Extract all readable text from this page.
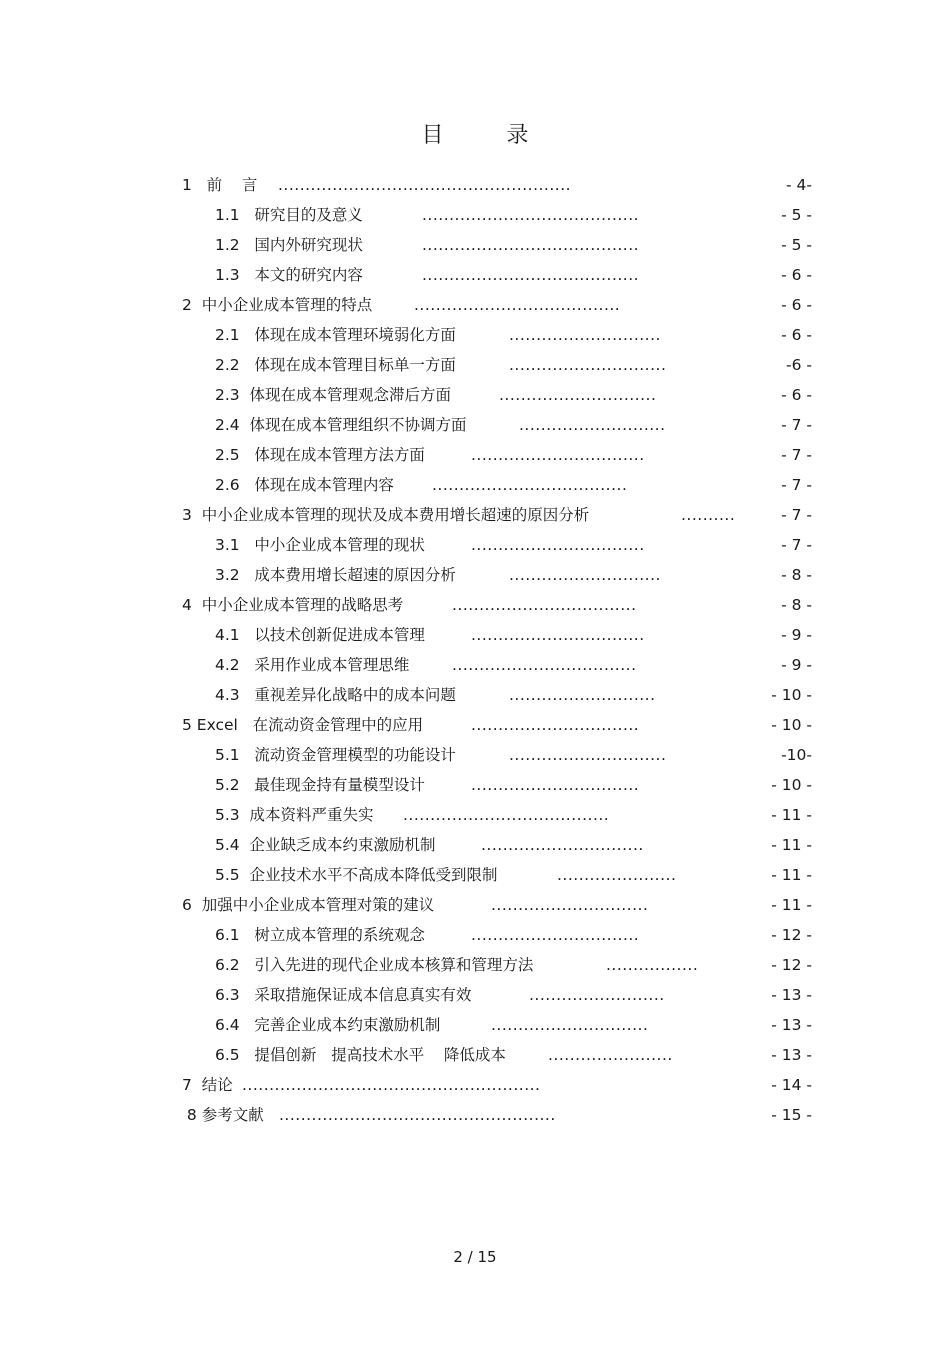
目 录
1   前    言 ......................................................	- 4-
1.1   研究目的及意义	........................................	- 5 -
1.2   国内外研究现状	........................................	- 5 -
1.3   本文的研究内容	........................................	- 6 -
2  中小企业成本管理的特点	......................................	- 6 -
2.1   体现在成本管理环境弱化方面	............................	- 6 -
2.2   体现在成本管理目标单一方面	.............................	-6 -
2.3  体现在成本管理观念滞后方面	.............................	- 6 -
2.4  体现在成本管理组织不协调方面	...........................	- 7 -
2.5   体现在成本管理方法方面	................................	- 7 -
2.6   体现在成本管理内容 ....................................	- 7 -
3  中小企业成本管理的现状及成本费用增长超速的原因分析	..........	- 7 -
3.1   中小企业成本管理的现状	................................	- 7 -
3.2   成本费用增长超速的原因分析	............................	- 8 -
4  中小企业成本管理的战略思考	..................................	- 8 -
4.1   以技术创新促进成本管理	................................	- 9 -
4.2   采用作业成本管理思维	..................................	- 9 -
4.3   重视差异化战略中的成本问题	...........................	- 10 -
5 Excel   在流动资金管理中的应用	...............................	- 10 -
5.1   流动资金管理模型的功能设计	.............................	-10-
5.2   最佳现金持有量模型设计	...............................	- 10 -
5.3  成本资料严重失实 ......................................	- 11 -
5.4  企业缺乏成本约束激励机制	..............................	- 11 -
5.5  企业技术水平不高成本降低受到限制	......................	- 11 -
6  加强中小企业成本管理对策的建议	.............................	- 11 -
6.1   树立成本管理的系统观念	...............................	- 12 -
6.2   引入先进的现代企业成本核算和管理方法	.................	- 12 -
6.3   采取措施保证成本信息真实有效	.........................	- 13 -
6.4   完善企业成本约束激励机制	.............................	- 13 -
6.5   提倡创新   提高技术水平    降低成本	.......................	- 13 -
7  结论 .......................................................	- 14 -
8 参考文献 ...................................................	- 15 -
2 / 15
